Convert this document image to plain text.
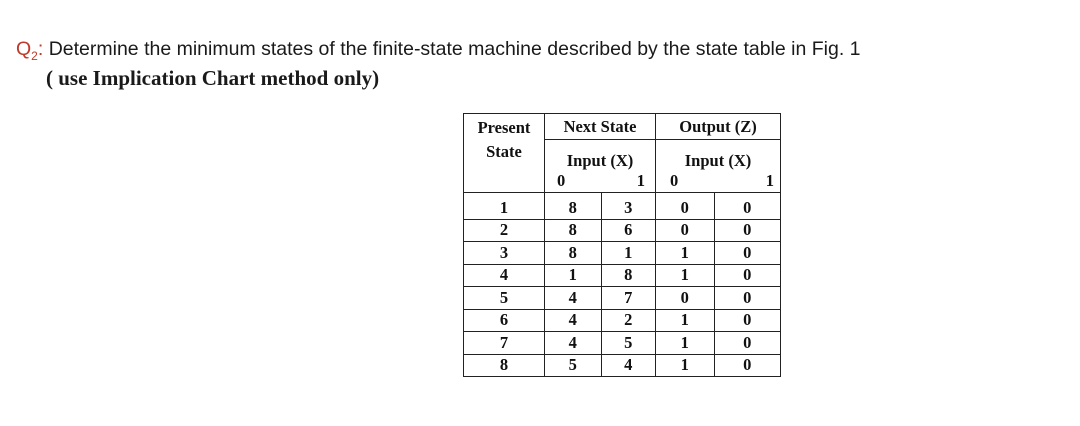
$Q_2$: Determine the minimum states of the finite-state machine described by the state table in Fig. 1
( use Implication Chart method only)
Present
State	Next State		Output (Z)	
	Input (X)		Input (X)	
	0	1	0	1
1	8	3	0	0
2	8	6	0	0
3	8	1	1	0
4	1	8	1	0
5	4	7	0	0
6	4	2	1	0
7	4	5	1	0
8	5	4	1	0
